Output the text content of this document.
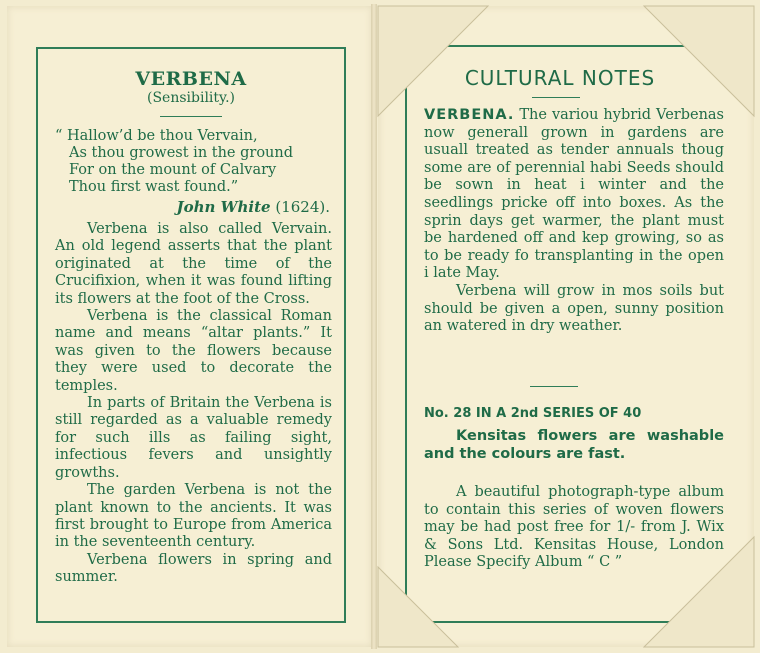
VERBENA
(Sensibility.)
“ Hallow’d be thou Vervain,
As thou growest in the ground
For on the mount of Calvary
Thou first wast found.”
John White (1624).

Verbena is also called Vervain. An old legend asserts that the plant originated at the time of the Crucifixion, when it was found lifting its flowers at the foot of the Cross.

Verbena is the classical Roman name and means “altar plants.” It was given to the flowers because they were used to decorate the temples.

In parts of Britain the Verbena is still regarded as a valuable remedy for such ills as failing sight, infectious fevers and unsightly growths.

The garden Verbena is not the plant known to the ancients. It was first brought to Europe from America in the seventeenth century.

Verbena flowers in spring and summer.

CULTURAL NOTES

VERBENA. The variou hybrid Verbenas now generall grown in gardens are usuall treated as tender annuals thoug some are of perennial habi Seeds should be sown in heat i winter and the seedlings pricke off into boxes. As the sprin days get warmer, the plant must be hardened off and kep growing, so as to be ready fo transplanting in the open i late May.

Verbena will grow in mos soils but should be given a open, sunny position an watered in dry weather.

No. 28 IN A 2nd SERIES OF 40
Kensitas flowers are washable and the colours are fast.

A beautiful photograph-type album to contain this series of woven flowers may be had post free for 1/- from J. Wix & Sons Ltd. Kensitas House, London Please Specify Album “ C ”
